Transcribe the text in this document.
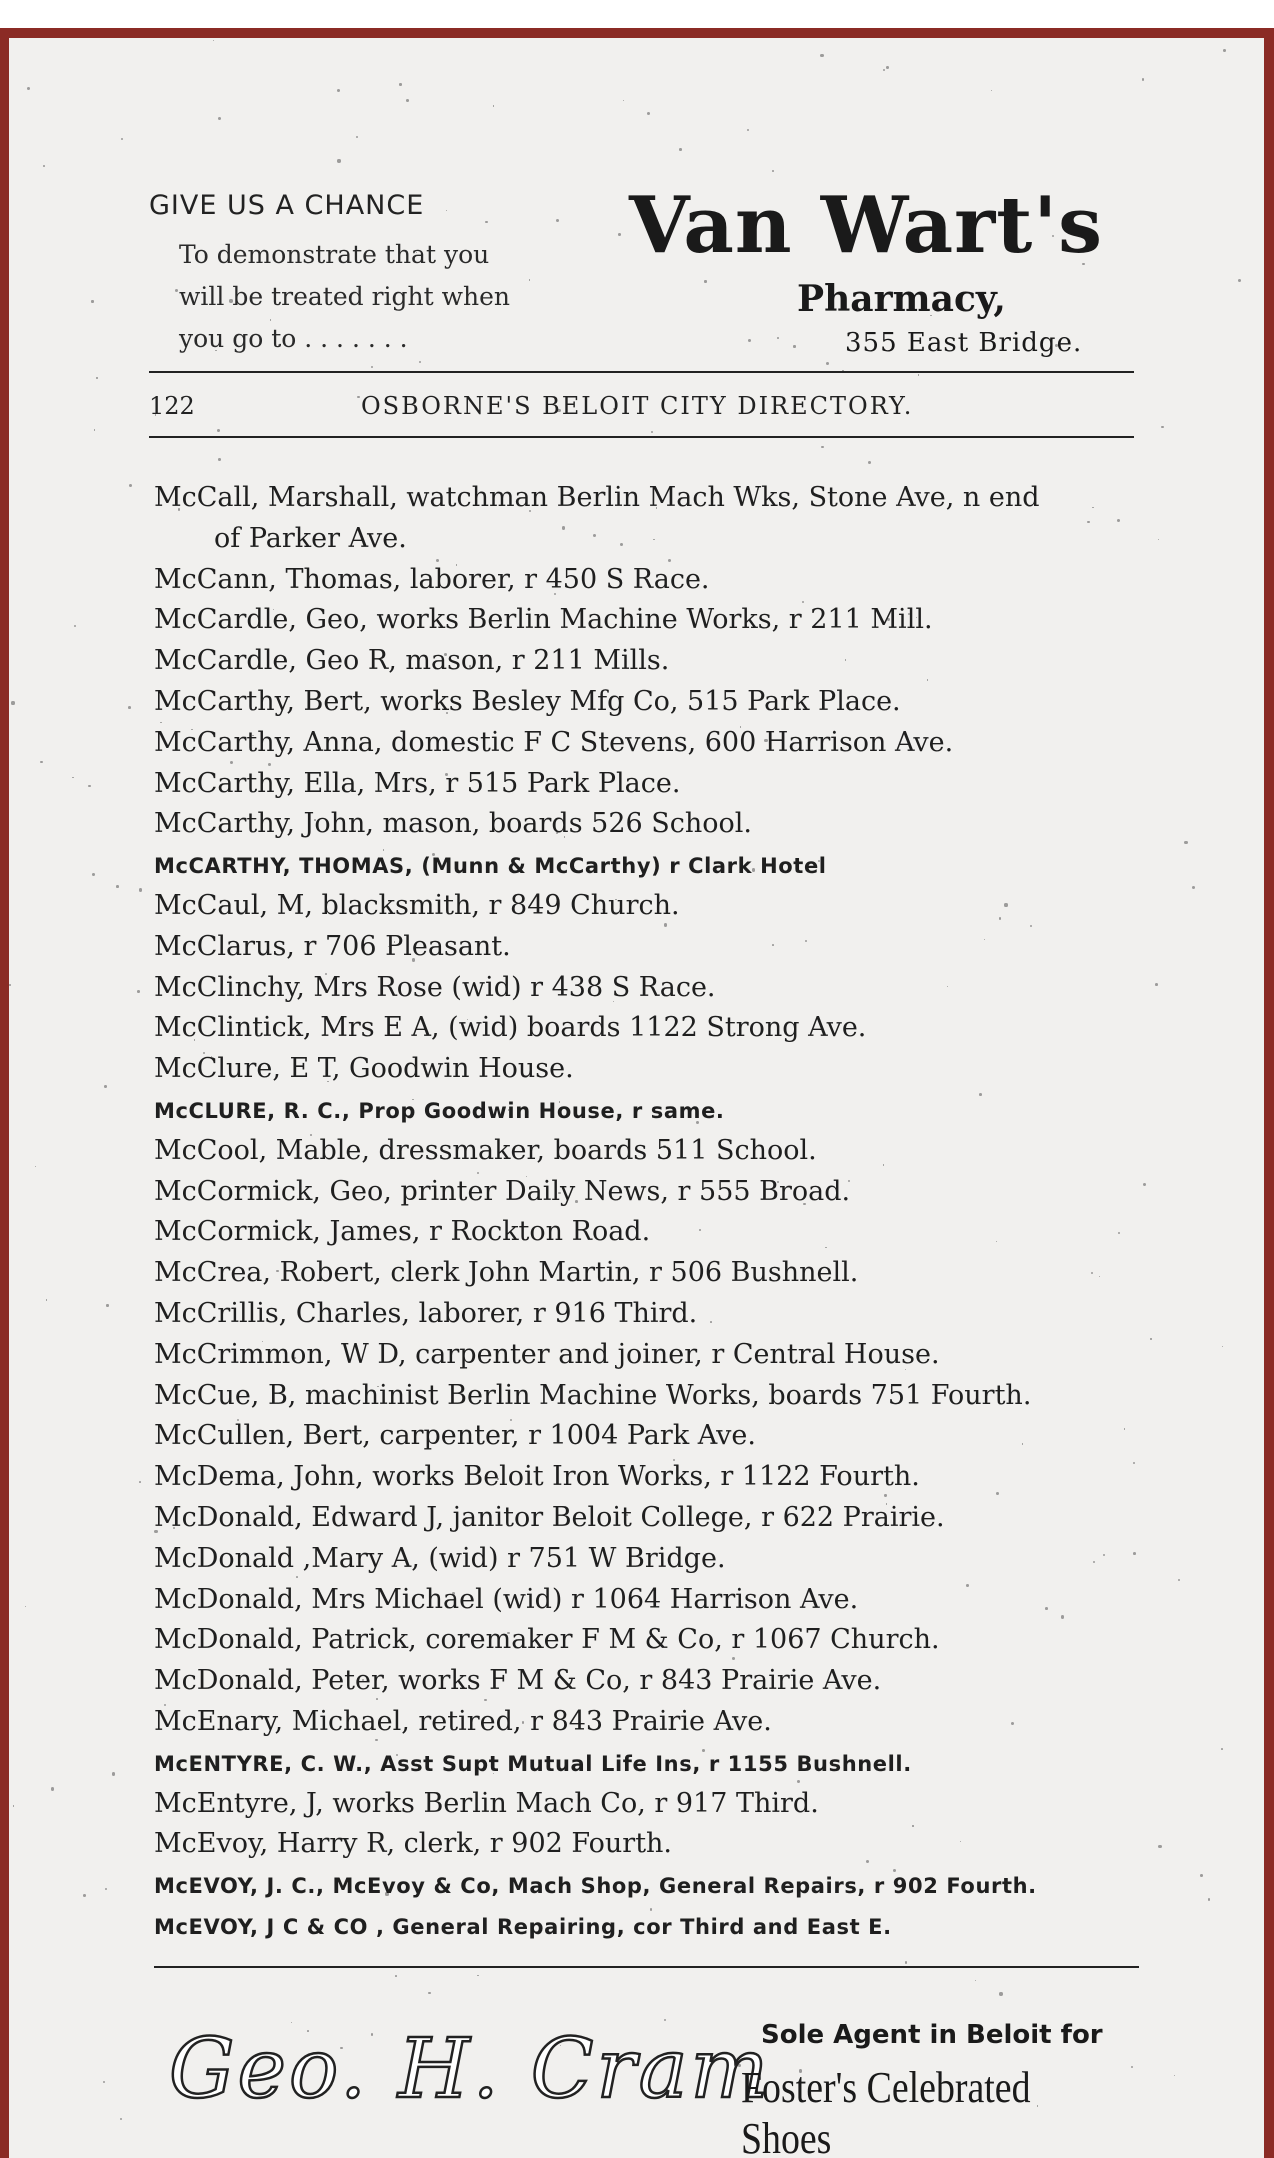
GIVE US A CHANCE
To demonstrate that you
will be treated right when
you go to . . . . . . .
Van Wart's
Pharmacy,
355 East Bridge.
122	OSBORNE'S BELOIT CITY DIRECTORY.
McCall, Marshall, watchman Berlin Mach Wks, Stone Ave, n end
of Parker Ave.
McCann, Thomas, laborer, r 450 S Race.
McCardle, Geo, works Berlin Machine Works, r 211 Mill.
McCardle, Geo R, mason, r 211 Mills.
McCarthy, Bert, works Besley Mfg Co, 515 Park Place.
McCarthy, Anna, domestic F C Stevens, 600 Harrison Ave.
McCarthy, Ella, Mrs, r 515 Park Place.
McCarthy, John, mason, boards 526 School.
McCARTHY, THOMAS, (Munn & McCarthy) r Clark Hotel
McCaul, M, blacksmith, r 849 Church.
McClarus, r 706 Pleasant.
McClinchy, Mrs Rose (wid) r 438 S Race.
McClintick, Mrs E A, (wid) boards 1122 Strong Ave.
McClure, E T, Goodwin House.
McCLURE, R. C., Prop Goodwin House, r same.
McCool, Mable, dressmaker, boards 511 School.
McCormick, Geo, printer Daily News, r 555 Broad.
McCormick, James, r Rockton Road.
McCrea, Robert, clerk John Martin, r 506 Bushnell.
McCrillis, Charles, laborer, r 916 Third.
McCrimmon, W D, carpenter and joiner, r Central House.
McCue, B, machinist Berlin Machine Works, boards 751 Fourth.
McCullen, Bert, carpenter, r 1004 Park Ave.
McDema, John, works Beloit Iron Works, r 1122 Fourth.
McDonald, Edward J, janitor Beloit College, r 622 Prairie.
McDonald ,Mary A, (wid) r 751 W Bridge.
McDonald, Mrs Michael (wid) r 1064 Harrison Ave.
McDonald, Patrick, coremaker F M & Co, r 1067 Church.
McDonald, Peter, works F M & Co, r 843 Prairie Ave.
McEnary, Michael, retired, r 843 Prairie Ave.
McENTYRE, C. W., Asst Supt Mutual Life Ins, r 1155 Bushnell.
McEntyre, J, works Berlin Mach Co, r 917 Third.
McEvoy, Harry R, clerk, r 902 Fourth.
McEVOY, J. C., McEvoy & Co, Mach Shop, General Repairs, r 902 Fourth.
McEVOY, J C & CO , General Repairing, cor Third and East E.
Geo. H. Cram
Sole Agent in Beloit for
Foster's Celebrated Shoes
